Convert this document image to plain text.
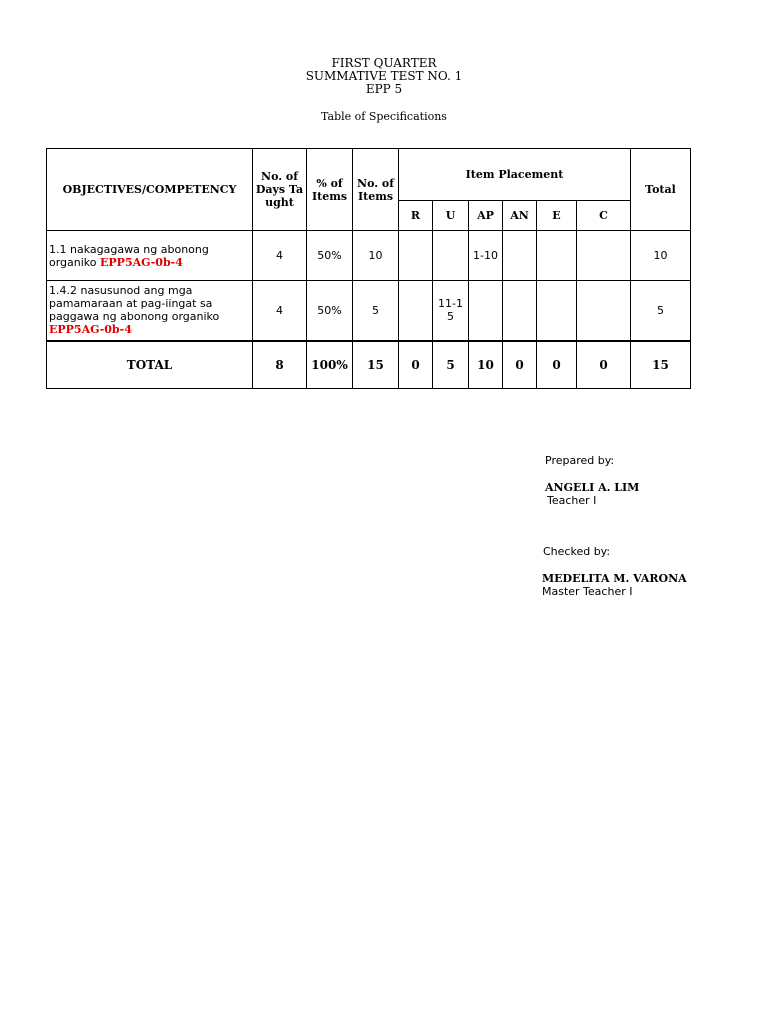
FIRST QUARTER
SUMMATIVE TEST NO. 1
EPP 5
Table of Specifications
OBJECTIVES/COMPETENCY	No. of Days Taught	% of Items	No. of Items	Item Placement						Total
				R	U	AP	AN	E	C	
1.1 nakagagawa ng abonong organiko EPP5AG-0b-4	4	50%	10			1-10				10
1.4.2 nasusunod ang mga pamamaraan at pag-iingat sa paggawa ng abonong organiko EPP5AG-0b-4	4	50%	5		11-15					5
TOTAL	8	100%	15	0	5	10	0	0	0	15
Prepared by:
ANGELI A. LIM
Teacher I
Checked by:
MEDELITA M. VARONA
Master Teacher I
